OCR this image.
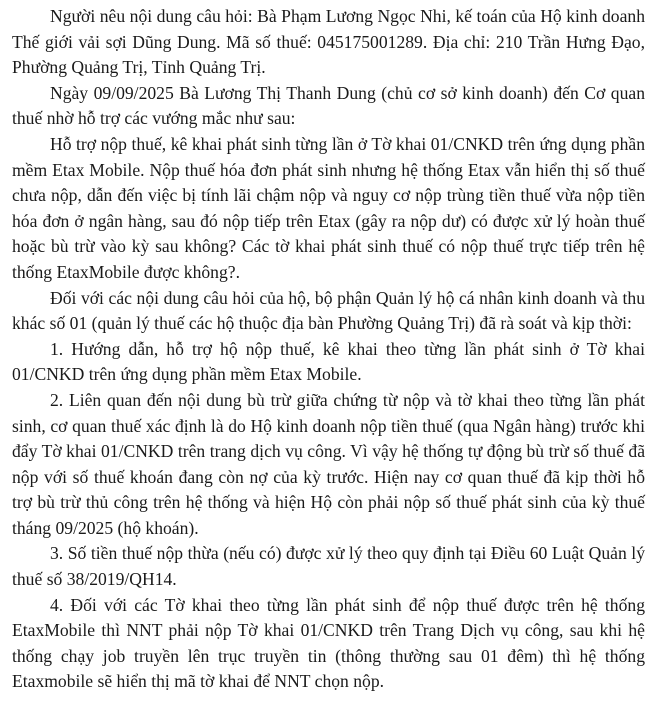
Người nêu nội dung câu hỏi: Bà Phạm Lương Ngọc Nhi, kế toán của Hộ kinh doanh Thế giới vải sợi Dũng Dung. Mã số thuế: 045175001289. Địa chỉ: 210 Trần Hưng Đạo, Phường Quảng Trị, Tỉnh Quảng Trị.

Ngày 09/09/2025 Bà Lương Thị Thanh Dung (chủ cơ sở kinh doanh) đến Cơ quan thuế nhờ hỗ trợ các vướng mắc như sau:

Hỗ trợ nộp thuế, kê khai phát sinh từng lần ở Tờ khai 01/CNKD trên ứng dụng phần mềm Etax Mobile. Nộp thuế hóa đơn phát sinh nhưng hệ thống Etax vẫn hiển thị số thuế chưa nộp, dẫn đến việc bị tính lãi chậm nộp và nguy cơ nộp trùng tiền thuế vừa nộp tiền hóa đơn ở ngân hàng, sau đó nộp tiếp trên Etax (gây ra nộp dư) có được xử lý hoàn thuế hoặc bù trừ vào kỳ sau không? Các tờ khai phát sinh thuế có nộp thuế trực tiếp trên hệ thống EtaxMobile được không?.

Đối với các nội dung câu hỏi của hộ, bộ phận Quản lý hộ cá nhân kinh doanh và thu khác số 01 (quản lý thuế các hộ thuộc địa bàn Phường Quảng Trị) đã rà soát và kịp thời:

1. Hướng dẫn, hỗ trợ hộ nộp thuế, kê khai theo từng lần phát sinh ở Tờ khai 01/CNKD trên ứng dụng phần mềm Etax Mobile.

2. Liên quan đến nội dung bù trừ giữa chứng từ nộp và tờ khai theo từng lần phát sinh, cơ quan thuế xác định là do Hộ kinh doanh nộp tiền thuế (qua Ngân hàng) trước khi đẩy Tờ khai 01/CNKD trên trang dịch vụ công. Vì vậy hệ thống tự động bù trừ số thuế đã nộp với số thuế khoán đang còn nợ của kỳ trước. Hiện nay cơ quan thuế đã kịp thời hỗ trợ bù trừ thủ công trên hệ thống và hiện Hộ còn phải nộp số thuế phát sinh của kỳ thuế tháng 09/2025 (hộ khoán).

3. Số tiền thuế nộp thừa (nếu có) được xử lý theo quy định tại Điều 60 Luật Quản lý thuế số 38/2019/QH14.

4. Đối với các Tờ khai theo từng lần phát sinh để nộp thuế được trên hệ thống EtaxMobile thì NNT phải nộp Tờ khai 01/CNKD trên Trang Dịch vụ công, sau khi hệ thống chạy job truyền lên trục truyền tin (thông thường sau 01 đêm) thì hệ thống Etaxmobile sẽ hiển thị mã tờ khai để NNT chọn nộp.
